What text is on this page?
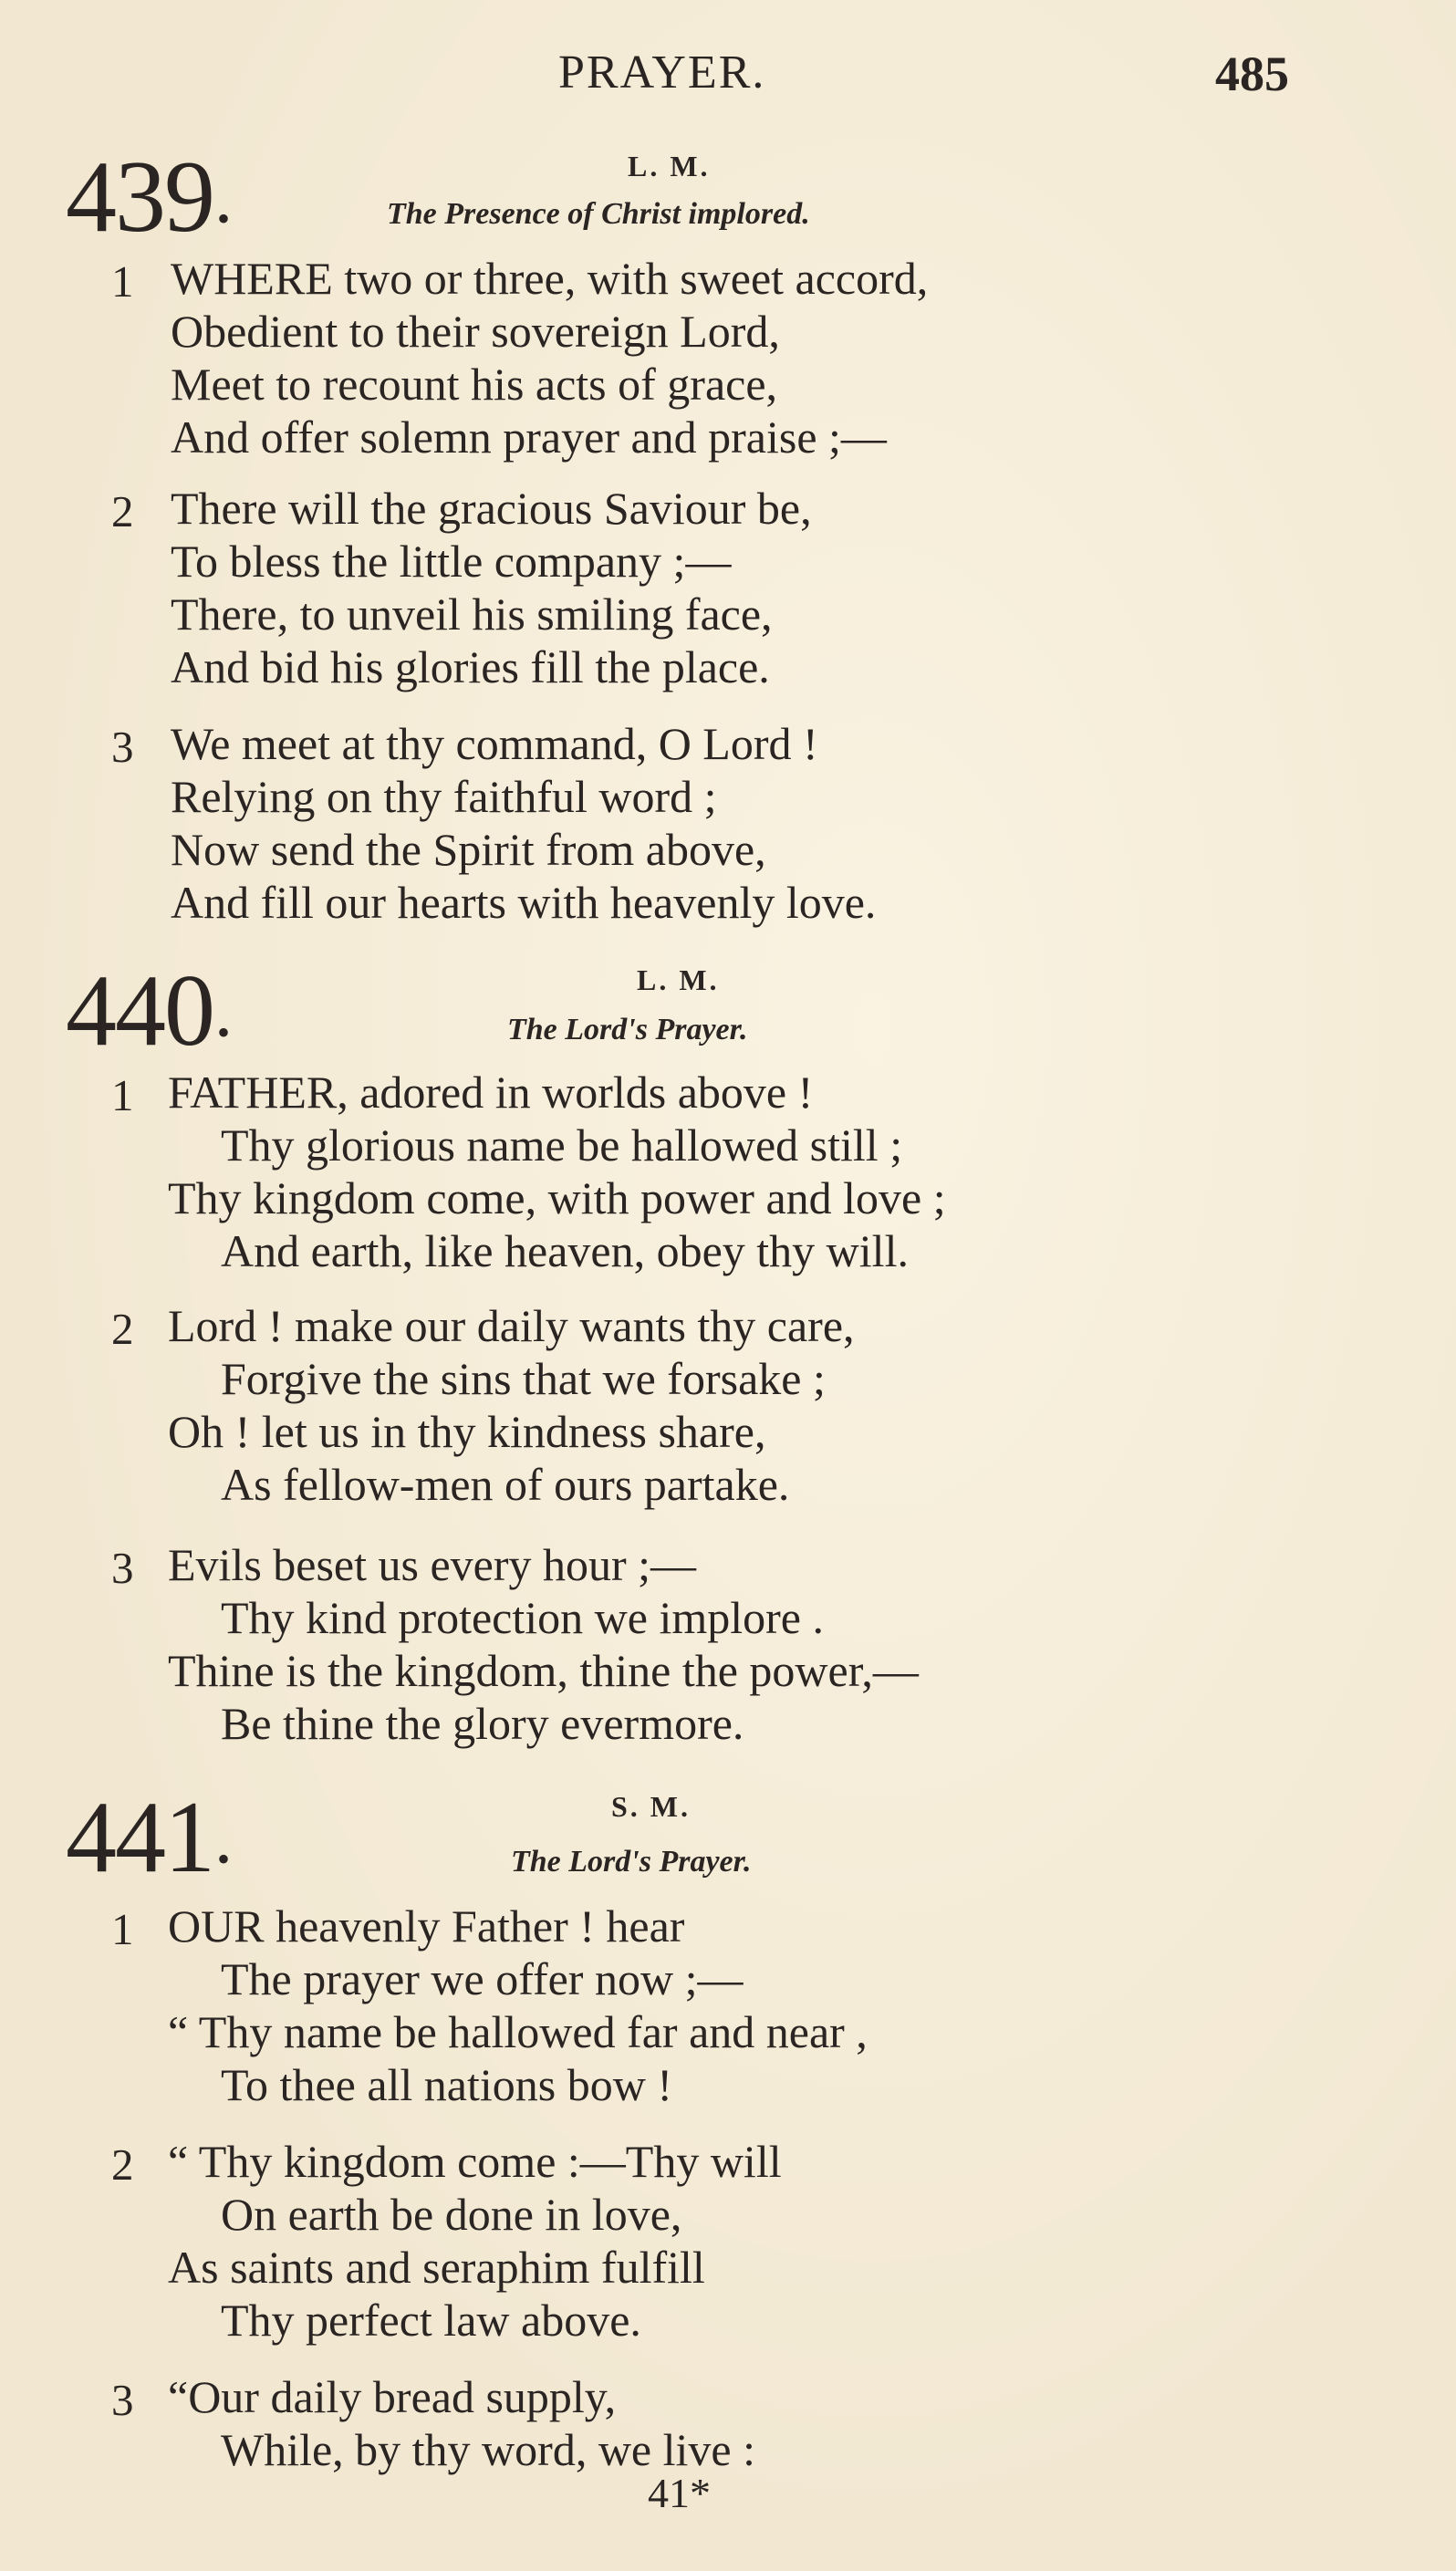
PRAYER.	485
439 •
L. M.
The Presence of Christ implored.
1 WHERE two or three, with sweet accord,
Obedient to their sovereign Lord,
Meet to recount his acts of grace,
And offer solemn prayer and praise ;—
2 There will the gracious Saviour be,
To bless the little company ;—
There, to unveil his smiling face,
And bid his glories fill the place.
3 We meet at thy command, O Lord !
Relying on thy faithful word ;
Now send the Spirit from above,
And fill our hearts with heavenly love.
440 •
L. M.
The Lord's Prayer.
1 FATHER, adored in worlds above !
Thy glorious name be hallowed still ;
Thy kingdom come, with power and love ;
And earth, like heaven, obey thy will.
2 Lord ! make our daily wants thy care,
Forgive the sins that we forsake ;
Oh ! let us in thy kindness share,
As fellow-men of ours partake.
3 Evils beset us every hour ;—
Thy kind protection we implore .
Thine is the kingdom, thine the power,—
Be thine the glory evermore.
441 •
S. M.
The Lord's Prayer.
1 OUR heavenly Father ! hear
The prayer we offer now ;—
“ Thy name be hallowed far and near ,
To thee all nations bow !
2 “ Thy kingdom come :—Thy will
On earth be done in love,
As saints and seraphim fulfill
Thy perfect law above.
3 “Our daily bread supply,
While, by thy word, we live :
41*
